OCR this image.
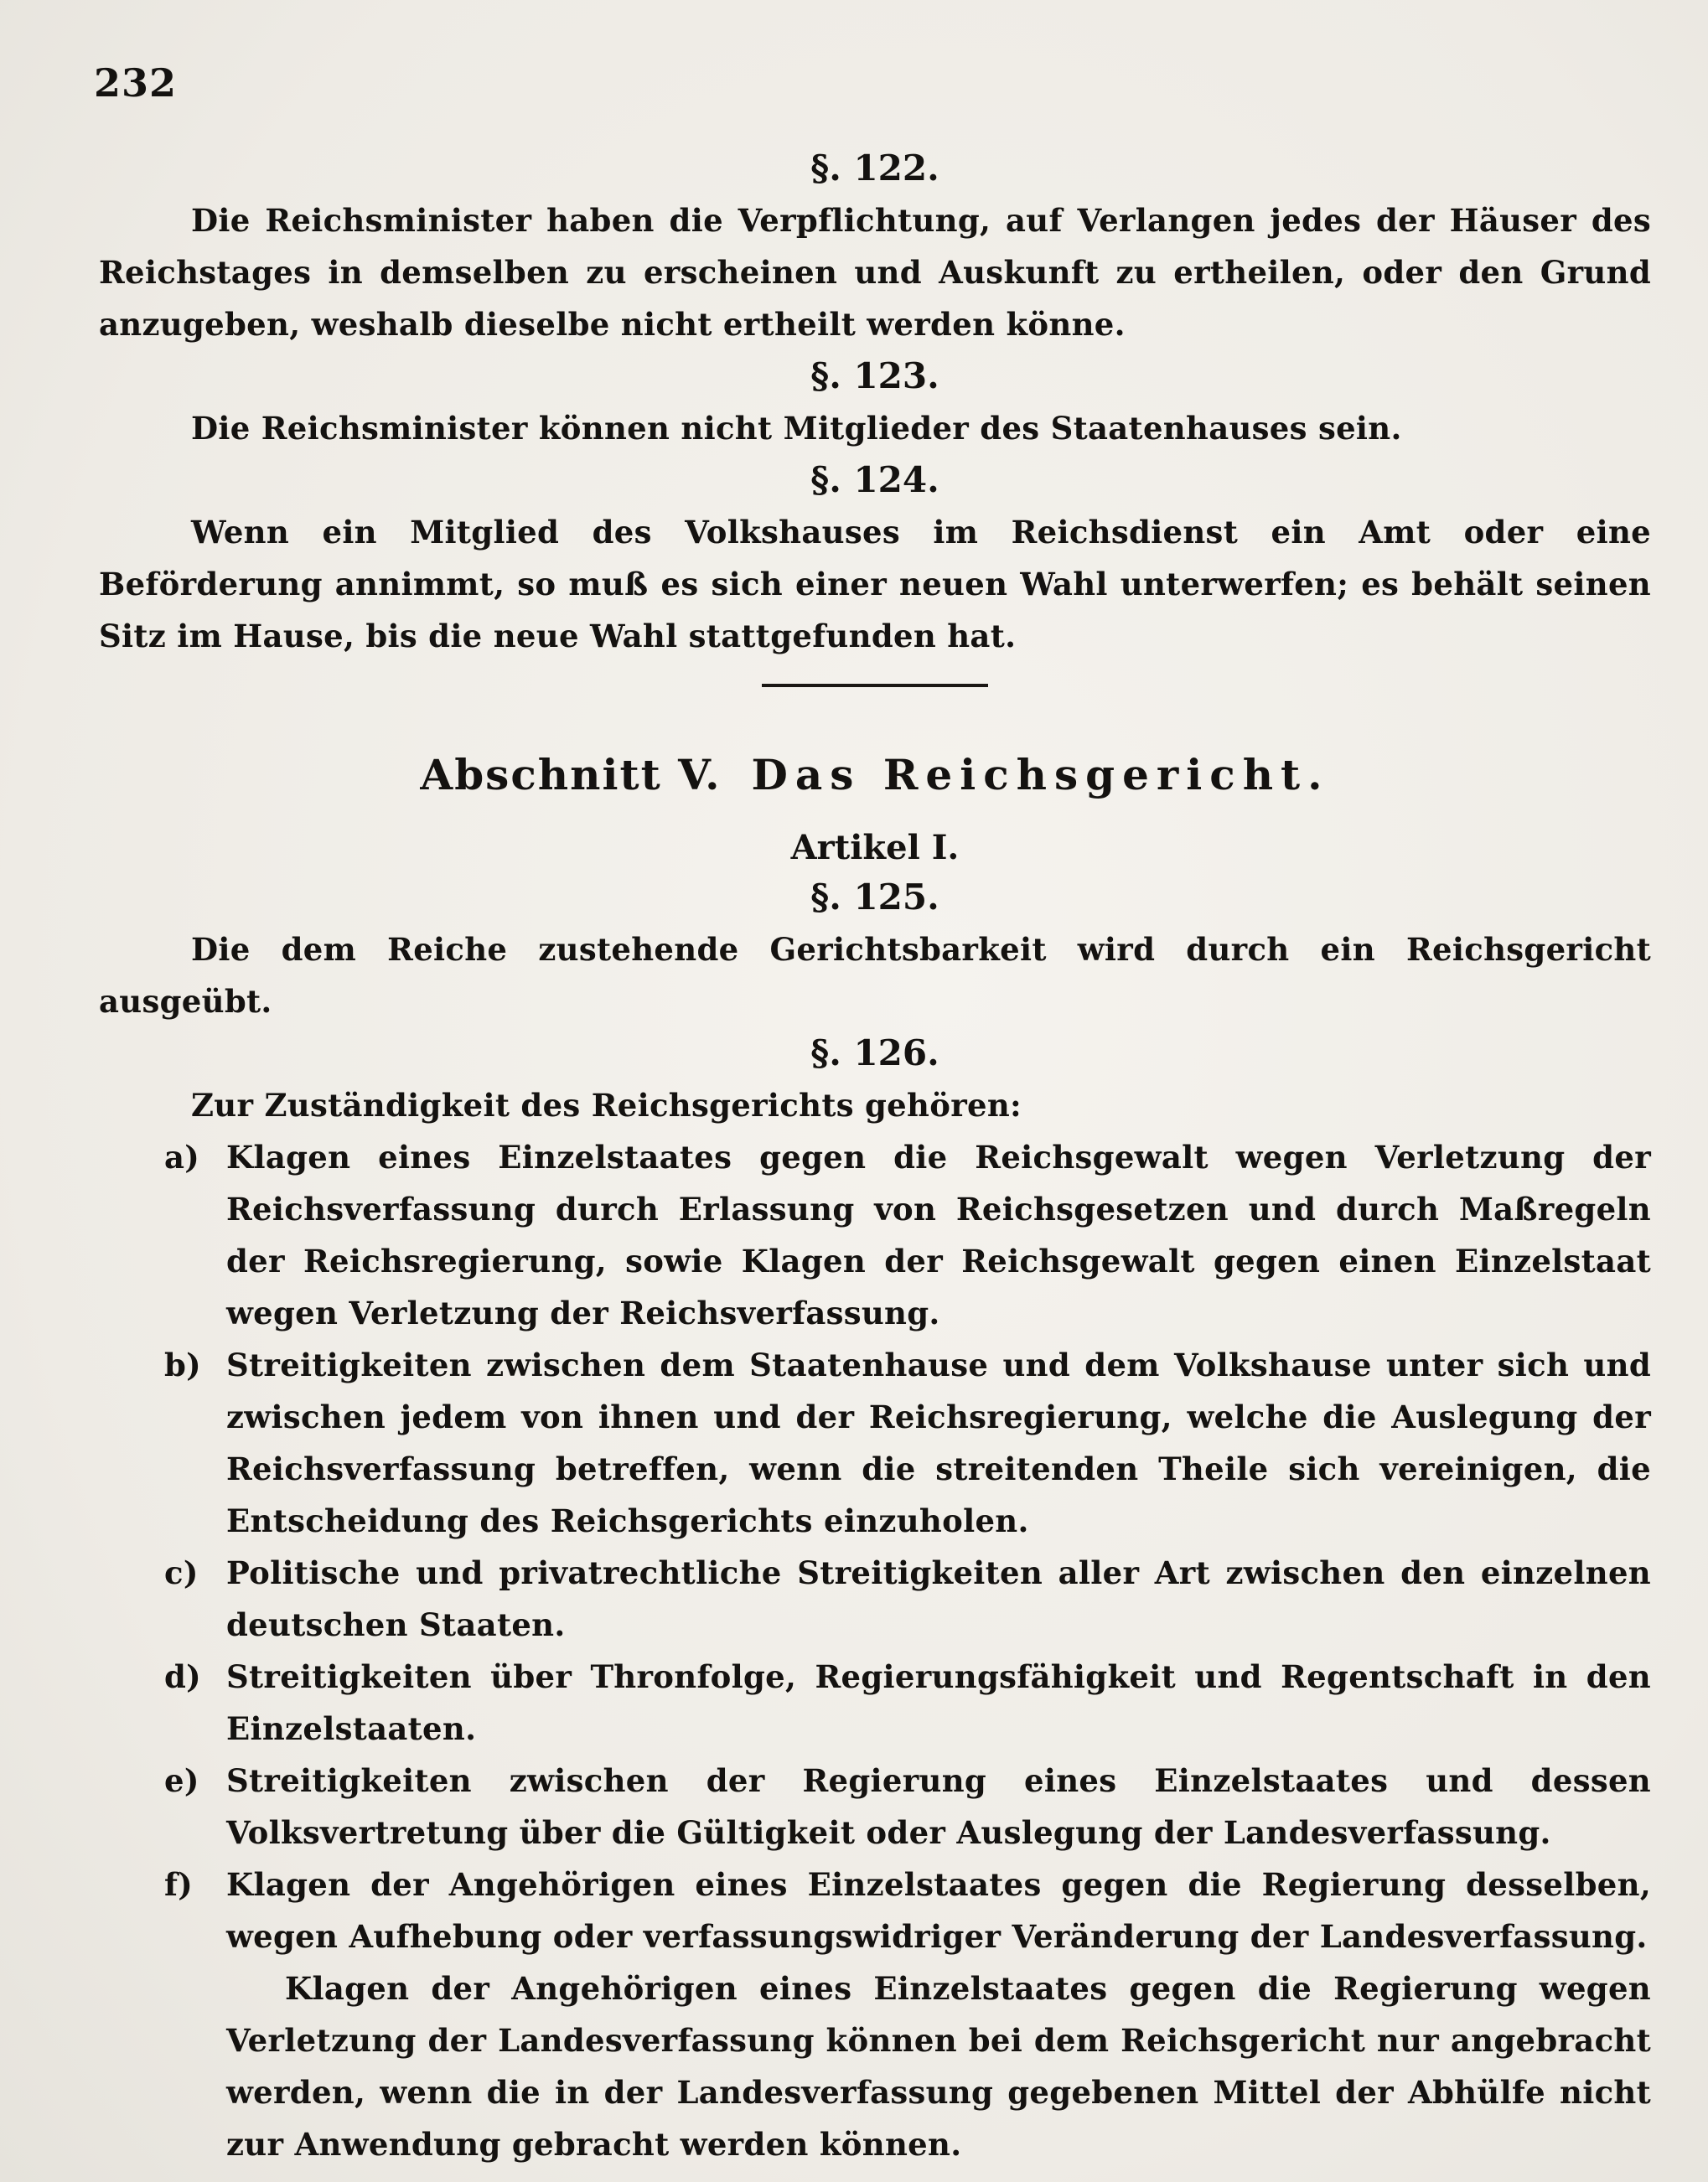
232

§. 122.

Die Reichsminister haben die Verpflichtung, auf Verlangen jedes der Häuser des Reichstages in demselben zu erscheinen und Auskunft zu ertheilen, oder den Grund anzugeben, weshalb dieselbe nicht ertheilt werden könne.

§. 123.

Die Reichsminister können nicht Mitglieder des Staatenhauses sein.

§. 124.

Wenn ein Mitglied des Volkshauses im Reichsdienst ein Amt oder eine Beförderung annimmt, so muß es sich einer neuen Wahl unterwerfen; es behält seinen Sitz im Hause, bis die neue Wahl stattgefunden hat.

Abschnitt V. Das Reichsgericht.

Artikel I.

§. 125.

Die dem Reiche zustehende Gerichtsbarkeit wird durch ein Reichsgericht ausgeübt.

§. 126.

Zur Zuständigkeit des Reichsgerichts gehören:

a) Klagen eines Einzelstaates gegen die Reichsgewalt wegen Verletzung der Reichsverfassung durch Erlassung von Reichsgesetzen und durch Maßregeln der Reichsregierung, sowie Klagen der Reichsgewalt gegen einen Einzelstaat wegen Verletzung der Reichsverfassung.
b) Streitigkeiten zwischen dem Staatenhause und dem Volkshause unter sich und zwischen jedem von ihnen und der Reichsregierung, welche die Auslegung der Reichsverfassung betreffen, wenn die streitenden Theile sich vereinigen, die Entscheidung des Reichsgerichts einzuholen.
c) Politische und privatrechtliche Streitigkeiten aller Art zwischen den einzelnen deutschen Staaten.
d) Streitigkeiten über Thronfolge, Regierungsfähigkeit und Regentschaft in den Einzelstaaten.
e) Streitigkeiten zwischen der Regierung eines Einzelstaates und dessen Volksvertretung über die Gültigkeit oder Auslegung der Landesverfassung.
f) Klagen der Angehörigen eines Einzelstaates gegen die Regierung desselben, wegen Aufhebung oder verfassungswidriger Veränderung der Landesverfassung.

Klagen der Angehörigen eines Einzelstaates gegen die Regierung wegen Verletzung der Landesverfassung können bei dem Reichsgericht nur angebracht werden, wenn die in der Landesverfassung gegebenen Mittel der Abhülfe nicht zur Anwendung gebracht werden können.
